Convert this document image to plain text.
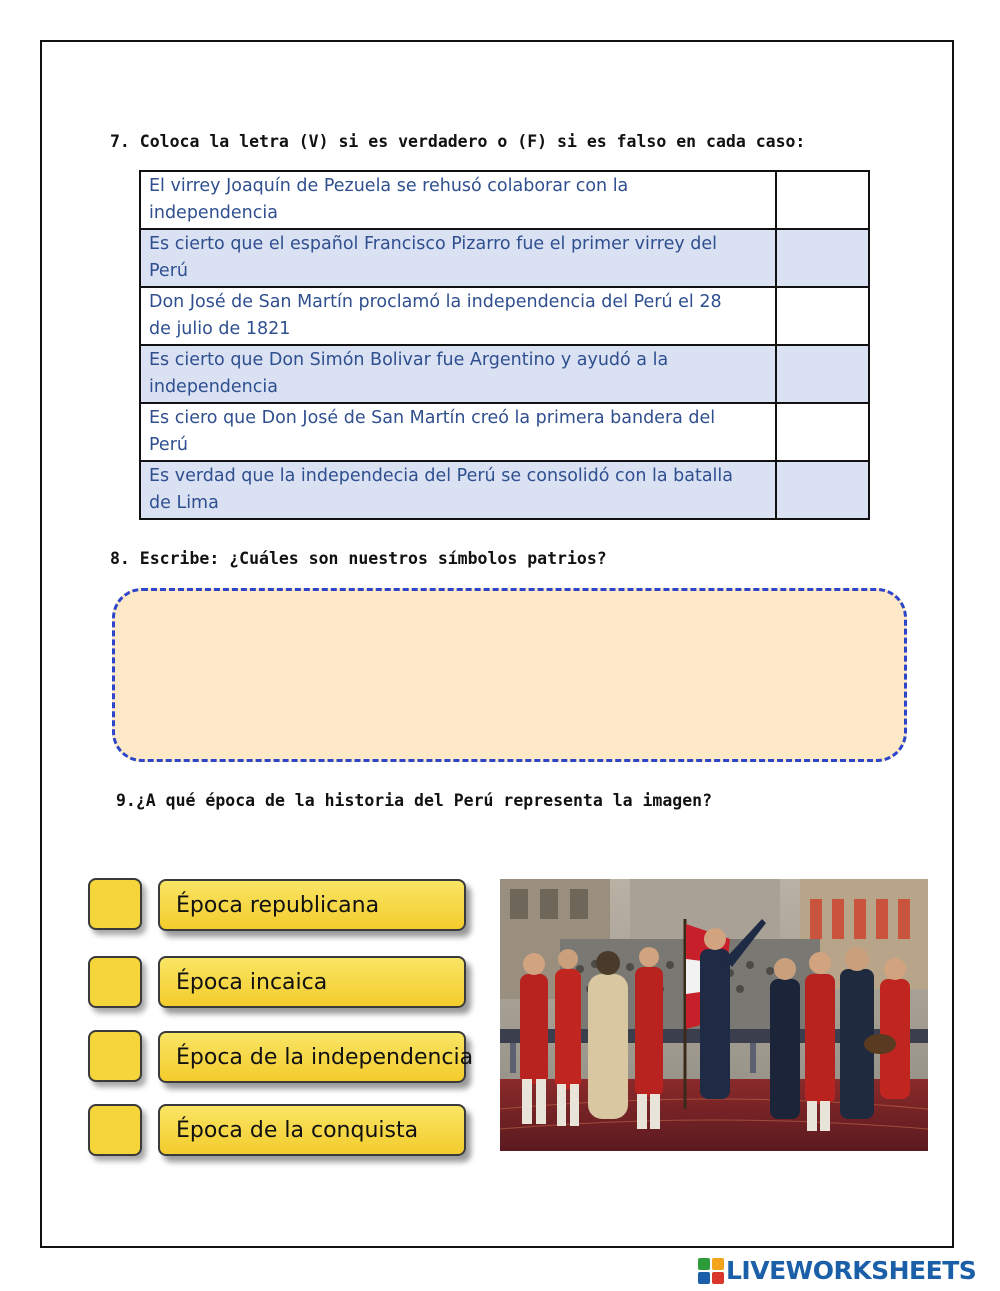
7. Coloca la letra (V) si es verdadero o (F) si es falso en cada caso:
El virrey Joaquín de Pezuela se rehusó colaborar con la
independencia	
Es cierto que el español Francisco Pizarro fue el primer virrey del
Perú	
Don José de San Martín proclamó la independencia del Perú el 28
de julio de 1821	
Es cierto que Don Simón Bolivar fue Argentino y ayudó a la
independencia	
Es ciero que Don José de San Martín creó la primera bandera del
Perú	
Es verdad que la independecia del Perú se consolidó con la batalla
de Lima	
8. Escribe: ¿Cuáles son nuestros símbolos patrios?
9.¿A qué época de la historia del Perú representa la imagen?
Época republicana
Época incaica
Época de la independencia
Época de la conquista
LIVEWORKSHEETS
